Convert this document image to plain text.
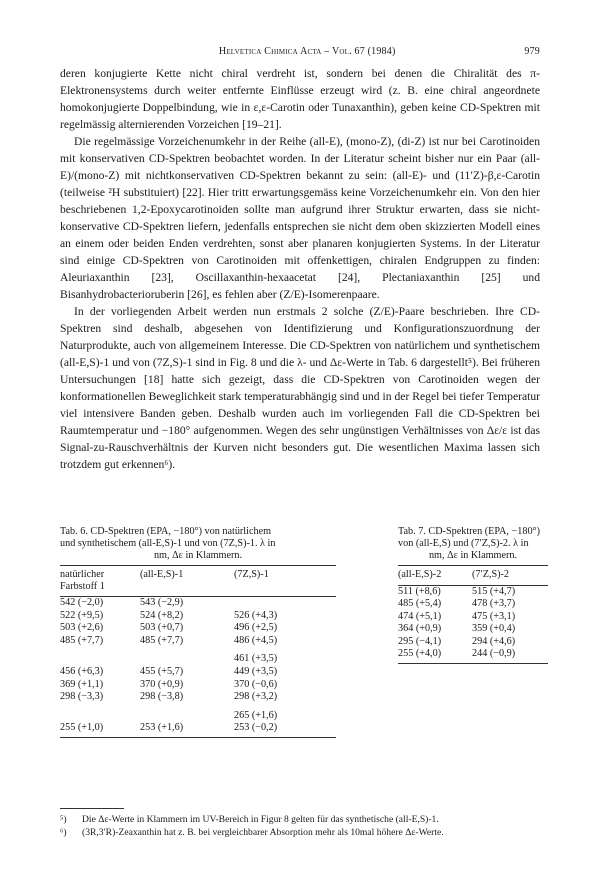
Helvetica Chimica Acta – Vol. 67 (1984)	979

deren konjugierte Kette nicht chiral verdreht ist, sondern bei denen die Chiralität des π-Elektronensystems durch weiter entfernte Einflüsse erzeugt wird (z. B. eine chiral angeordnete homokonjugierte Doppelbindung, wie in ε,ε-Carotin oder Tunaxanthin), geben keine CD-Spektren mit regelmässig alternierenden Vorzeichen [19–21].

Die regelmässige Vorzeichenumkehr in der Reihe (all-E), (mono-Z), (di-Z) ist nur bei Carotinoiden mit konservativen CD-Spektren beobachtet worden. In der Literatur scheint bisher nur ein Paar (all-E)/(mono-Z) mit nichtkonservativen CD-Spektren bekannt zu sein: (all-E)- und (11′Z)-β,ε-Carotin (teilweise ²H substituiert) [22]. Hier tritt erwartungsgemäss keine Vorzeichenumkehr ein. Von den hier beschriebenen 1,2-Epoxycarotinoiden sollte man aufgrund ihrer Struktur erwarten, dass sie nicht-konservative CD-Spektren liefern, jedenfalls entsprechen sie nicht dem oben skizzierten Modell eines an einem oder beiden Enden verdrehten, sonst aber planaren konjugierten Systems. In der Literatur sind einige CD-Spektren von Carotinoiden mit offenkettigen, chiralen Endgruppen zu finden: Aleuriaxanthin [23], Oscillaxanthin-hexaacetat [24], Plectaniaxanthin [25] und Bisanhydrobacterioruberin [26], es fehlen aber (Z/E)-Isomerenpaare.

In der vorliegenden Arbeit werden nun erstmals 2 solche (Z/E)-Paare beschrieben. Ihre CD-Spektren sind deshalb, abgesehen von Identifizierung und Konfigurationszuordnung der Naturprodukte, auch von allgemeinem Interesse. Die CD-Spektren von natürlichem und synthetischem (all-E,S)-1 und von (7Z,S)-1 sind in Fig. 8 und die λ- und Δε-Werte in Tab. 6 dargestellt⁵). Bei früheren Untersuchungen [18] hatte sich gezeigt, dass die CD-Spektren von Carotinoiden wegen der konformationellen Beweglichkeit stark temperaturabhängig sind und in der Regel bei tiefer Temperatur viel intensivere Banden geben. Deshalb wurden auch im vorliegenden Fall die CD-Spektren bei Raumtemperatur und −180° aufgenommen. Wegen des sehr ungünstigen Verhältnisses von Δε/ε ist das Signal-zu-Rauschverhältnis der Kurven nicht besonders gut. Die wesentlichen Maxima lassen sich trotzdem gut erkennen⁶).

Tab. 6. CD-Spektren (EPA, −180°) von natürlichem
und synthetischem (all-E,S)-1 und von (7Z,S)-1. λ in
nm, Δε in Klammern.
natürlicher Farbstoff 1	(all-E,S)-1	(7Z,S)-1
542 (−2,0)	543 (−2,9)	
522 (+9,5)	524 (+8,2)	526 (+4,3)
503 (+2,6)	503 (+0,7)	496 (+2,5)
485 (+7,7)	485 (+7,7)	486 (+4,5)
		461 (+3,5)
456 (+6,3)	455 (+5,7)	449 (+3,5)
369 (+1,1)	370 (+0,9)	370 (−0,6)
298 (−3,3)	298 (−3,8)	298 (+3,2)
		265 (+1,6)
255 (+1,0)	253 (+1,6)	253 (−0,2)
Tab. 7. CD-Spektren (EPA, −180°)
von (all-E,S) und (7′Z,S)-2. λ in
nm, Δε in Klammern.
(all-E,S)-2	(7′Z,S)-2
511 (+8,6)	515 (+4,7)
485 (+5,4)	478 (+3,7)
474 (+5,1)	475 (+3,1)
364 (+0,9)	359 (+0,4)
295 (−4,1)	294 (+4,6)
255 (+4,0)	244 (−0,9)
⁵)	Die Δε-Werte in Klammern im UV-Bereich in Figur 8 gelten für das synthetische (all-E,S)-1.
⁶)	(3R,3′R)-Zeaxanthin hat z. B. bei vergleichbarer Absorption mehr als 10mal höhere Δε-Werte.
